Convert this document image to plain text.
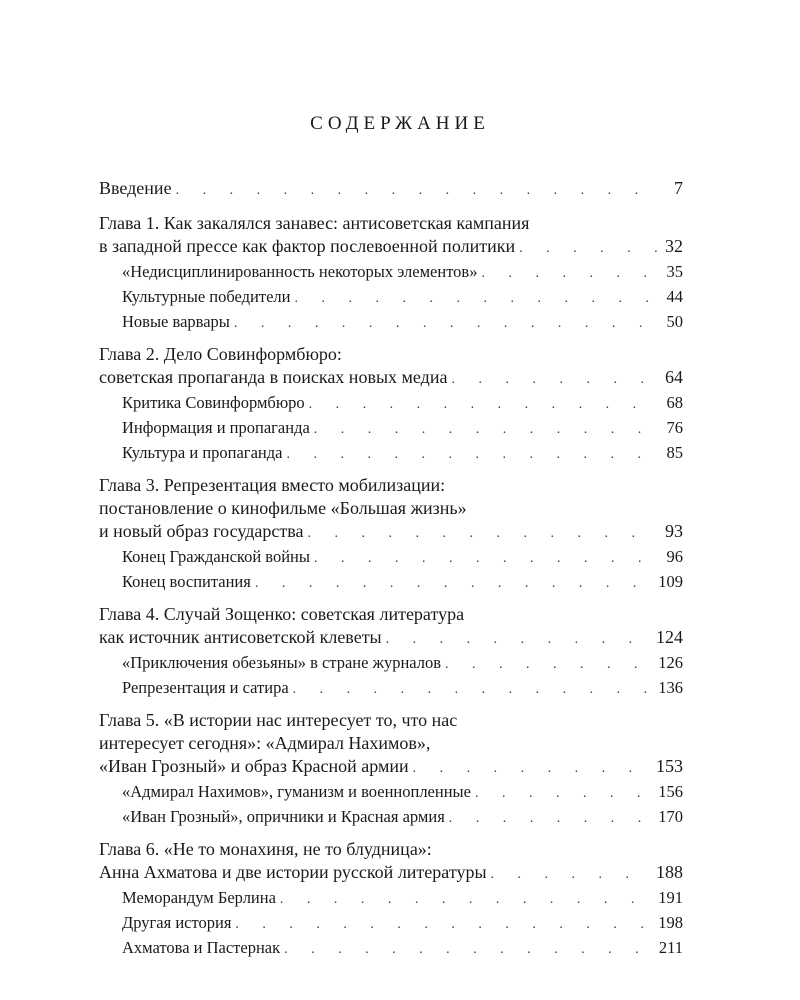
СОДЕРЖАНИЕ
Введение . . .	7
Глава 1. Как закалялся занавес: антисоветская кампания
в западной прессе как фактор послевоенной политики . . .	32
«Недисциплинированность некоторых элементов» . . .	35
Культурные победители . . .	44
Новые варвары . . .	50
Глава 2. Дело Совинформбюро:
советская пропаганда в поисках новых медиа . . .	64
Критика Совинформбюро . . .	68
Информация и пропаганда . . .	76
Культура и пропаганда . . .	85
Глава 3. Репрезентация вместо мобилизации:
постановление о кинофильме «Большая жизнь»
и новый образ государства . . .	93
Конец Гражданской войны . . .	96
Конец воспитания . . .	109
Глава 4. Случай Зощенко: советская литература
как источник антисоветской клеветы . . .	124
«Приключения обезьяны» в стране журналов . . .	126
Репрезентация и сатира . . .	136
Глава 5. «В истории нас интересует то, что нас
интересует сегодня»: «Адмирал Нахимов»,
«Иван Грозный» и образ Красной армии . . .	153
«Адмирал Нахимов», гуманизм и военнопленные . . .	156
«Иван Грозный», опричники и Красная армия . . .	170
Глава 6. «Не то монахиня, не то блудница»:
Анна Ахматова и две истории русской литературы . . .	188
Меморандум Берлина . . .	191
Другая история . . .	198
Ахматова и Пастернак . . .	211
